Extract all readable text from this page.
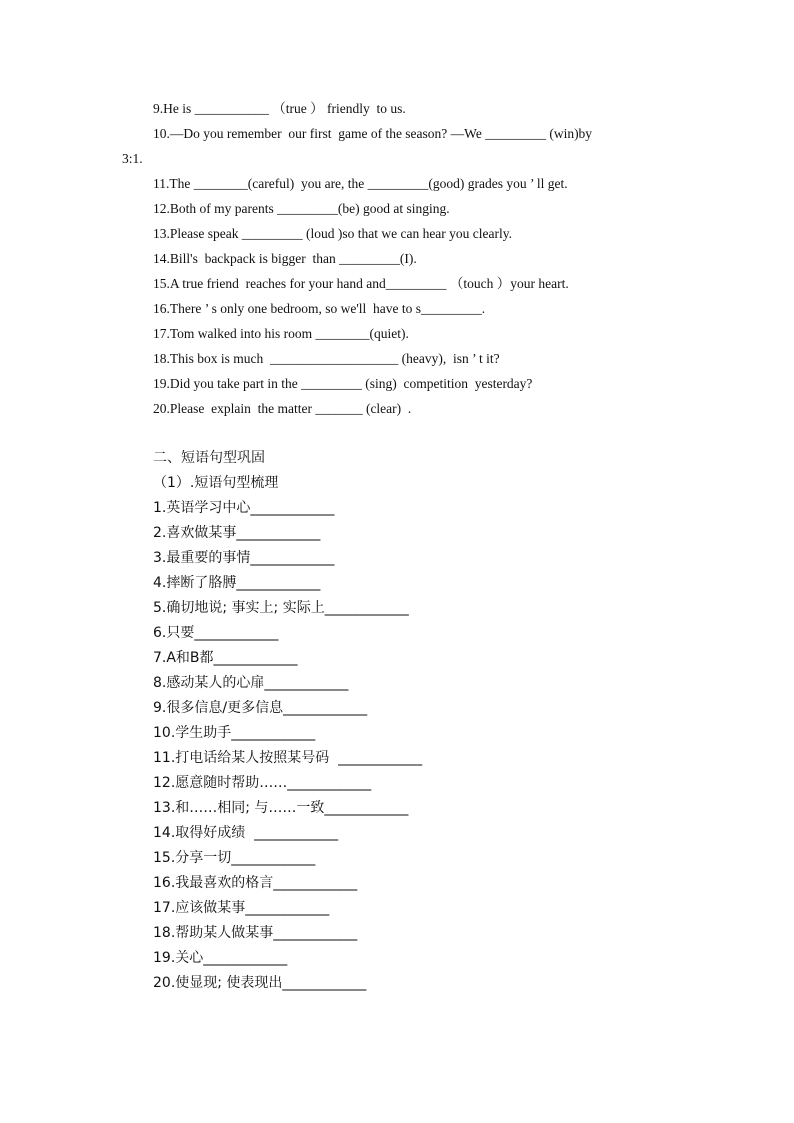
9.He is ___________ （true ） friendly  to us.
10.—Do you remember  our first  game of the season? —We _________ (win)by
3:1.
11.The ________(careful)  you are, the _________(good) grades you ’ ll get.
12.Both of my parents _________(be) good at singing.
13.Please speak _________ (loud )so that we can hear you clearly.
14.Bill's  backpack is bigger  than _________(I).
15.A true friend  reaches for your hand and_________ （touch ）your heart.
16.There ’ s only one bedroom, so we'll  have to s_________.
17.Tom walked into his room ________(quiet).
18.This box is much  ___________________ (heavy),  isn ’ t it?
19.Did you take part in the _________ (sing)  competition  yesterday?
20.Please  explain  the matter _______ (clear)  .
二、短语句型巩固
（1）.短语句型梳理
1.英语学习中心____________
2.喜欢做某事____________
3.最重要的事情____________
4.摔断了胳膊____________
5.确切地说; 事实上; 实际上____________
6.只要____________
7.A和B都____________
8.感动某人的心扉____________
9.很多信息/更多信息____________
10.学生助手____________
11.打电话给某人按照某号码  ____________
12.愿意随时帮助……____________
13.和……相同; 与……一致____________
14.取得好成绩  ____________
15.分享一切____________
16.我最喜欢的格言____________
17.应该做某事____________
18.帮助某人做某事____________
19.关心____________
20.使显现; 使表现出____________
